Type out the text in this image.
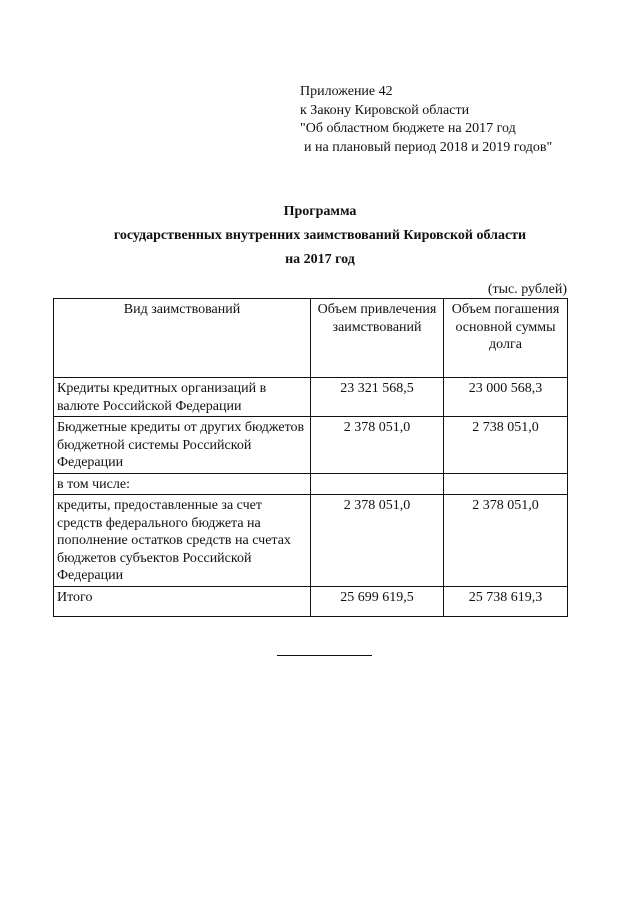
Приложение 42
к Закону Кировской области
"Об областном бюджете на 2017 год
и на плановый период 2018 и 2019 годов"
Программа
государственных внутренних заимствований Кировской области
на 2017 год
(тыс. рублей)
Вид заимствований	Объем привлечения заимствований	Объем погашения основной суммы долга
Кредиты кредитных организаций в валюте Российской Федерации	23 321 568,5	23 000 568,3
Бюджетные кредиты от других бюджетов бюджетной системы Российской Федерации	2 378 051,0	2 738 051,0
в том числе:		
кредиты, предоставленные за счет средств федерального бюджета на пополнение остатков средств на счетах бюджетов субъектов Российской Федерации	2 378 051,0	2 378 051,0
Итого	25 699 619,5	25 738 619,3
